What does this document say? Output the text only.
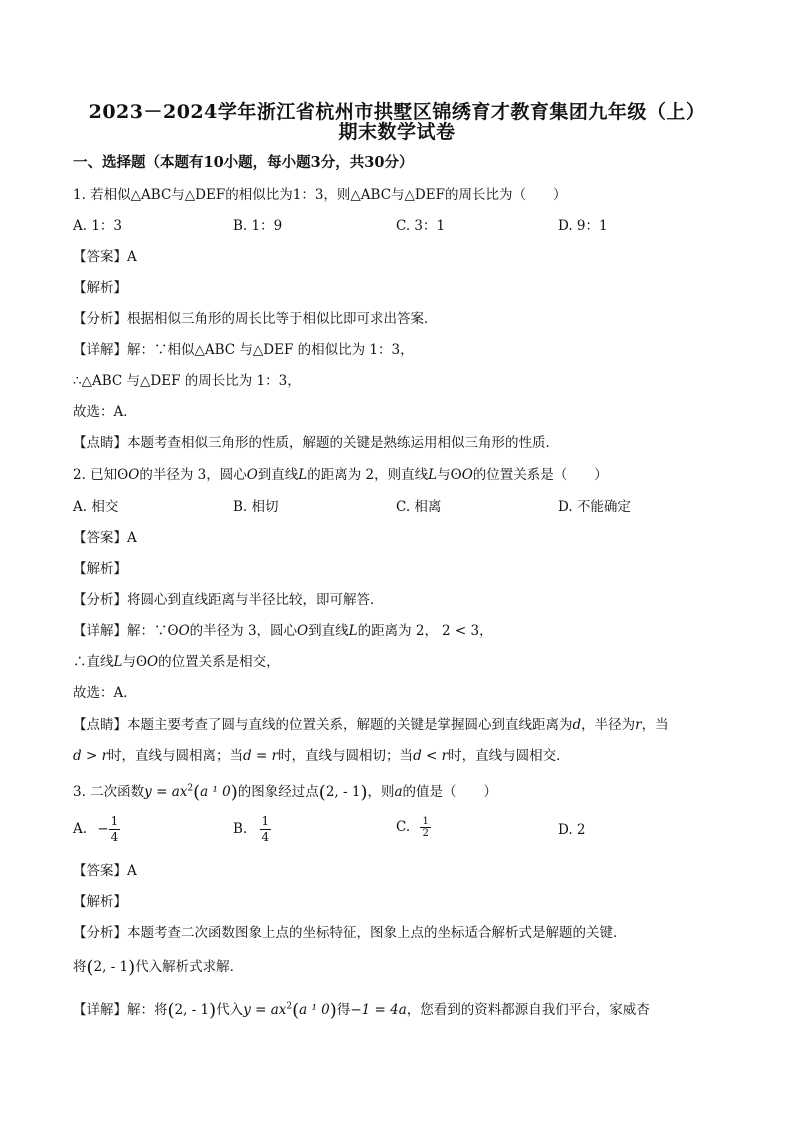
2023－2024学年浙江省杭州市拱墅区锦绣育才教育集团九年级（上）
期末数学试卷
一、选择题（本题有10小题，每小题3分，共30分）
1. 若相似△ABC与△DEF的相似比为1：3，则△ABC与△DEF的周长比为（　　）
A. 1：3	B. 1：9	C. 3：1	D. 9：1
【答案】A
【解析】
【分析】根据相似三角形的周长比等于相似比即可求出答案．
【详解】解：∵相似△ABC 与△DEF 的相似比为 1：3，
∴△ABC 与△DEF 的周长比为 1：3，
故选：A．
【点睛】本题考查相似三角形的性质，解题的关键是熟练运用相似三角形的性质．
2. 已知ʘO的半径为 3，圆心O到直线L的距离为 2，则直线L与ʘO的位置关系是（　　）
A. 相交	B. 相切	C. 相离	D. 不能确定
【答案】A
【解析】
【分析】将圆心到直线距离与半径比较，即可解答．
【详解】解：∵ʘO的半径为 3，圆心O到直线L的距离为 2， 2 < 3，
∴直线L与ʘO的位置关系是相交，
故选：A．
【点睛】本题主要考查了圆与直线的位置关系，解题的关键是掌握圆心到直线距离为d，半径为r，当
d > r时，直线与圆相离；当d = r时，直线与圆相切；当d < r时，直线与圆相交．
3. 二次函数$y = ax^2(a$ ¹ 0)的图象经过点(2, - 1)，则a的值是（　　）
A. − $\frac{1}{4}$	B. $\frac{1}{4}$	C. $\frac{1}{2}$	D. 2
【答案】A
【解析】
【分析】本题考查二次函数图象上点的坐标特征，图象上点的坐标适合解析式是解题的关键．
将(2, - 1)代入解析式求解．
【详解】解：将(2, - 1)代入$y = ax^2(a$ ¹ 0)得−1 = 4a，您看到的资料都源自我们平台，家威杏
